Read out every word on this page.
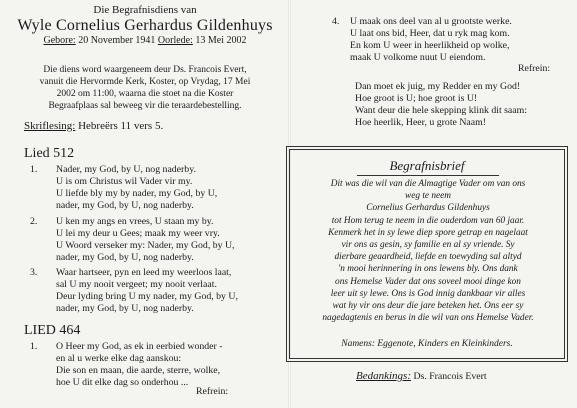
Die Begrafnisdiens van
Wyle Cornelius Gerhardus Gildenhuys
Gebore: 20 November 1941 Oorlede: 13 Mei 2002
Die diens word waargeneem deur Ds. Francois Evert,
vanuit die Hervormde Kerk, Koster, op Vrydag, 17 Mei
2002 om 11:00, waarna die stoet na die Koster
Begraafplaas sal beweeg vir die teraardebestelling.
Skriflesing: Hebreërs 11 vers 5.
Lied 512
1.	Nader, my God, by U, nog naderby.
U is om Christus wil Vader vir my.
U liefde bly my by nader, my God, by U,
nader, my God, by U, nog naderby.
2.	U ken my angs en vrees, U staan my by.
U lei my deur u Gees; maak my weer vry.
U Woord verseker my: Nader, my God, by U,
nader, my God, by U, nog naderby.
3.	Waar hartseer, pyn en leed my weerloos laat,
sal U my nooit vergeet; my nooit verlaat.
Deur lyding bring U my nader, my God, by U,
nader, my God, by U, nog naderby.
LIED 464
1.	O Heer my God, as ek in eerbied wonder -
en al u werke elke dag aanskou:
Die son en maan, die aarde, sterre, wolke,
hoe U dit elke dag so onderhou ...
Refrein:
4.	U maak ons deel van al u grootste werke.
U laat ons bid, Heer, dat u ryk mag kom.
En kom U weer in heerlikheid op wolke,
maak U volkome nuut U eiendom.
Refrein:
Dan moet ek juig, my Redder en my God!
Hoe groot is U; hoe groot is U!
Want deur die hele skepping klink dit saam:
Hoe heerlik, Heer, u grote Naam!
Begrafnisbrief
Dit was die wil van die Almagtige Vader om van ons
weg te neem
Cornelius Gerhardus Gildenhuys
tot Hom terug te neem in die ouderdom van 60 jaar.
Kenmerk het in sy lewe diep spore getrap en nagelaat
vir ons as gesin, sy familie en al sy vriende. Sy
dierbare geaardheid, liefde en toewyding sal altyd
'n mooi herinnering in ons lewens bly. Ons dank
ons Hemelse Vader dat ons soveel mooi dinge kon
leer uit sy lewe. Ons is God innig dankbaar vir alles
wat hy vir ons deur die jare beteken het. Ons eer sy
nagedagtenis en berus in die wil van ons Hemelse Vader.
Namens: Eggenote, Kinders en Kleinkinders.
Bedankings: Ds. Francois Evert
